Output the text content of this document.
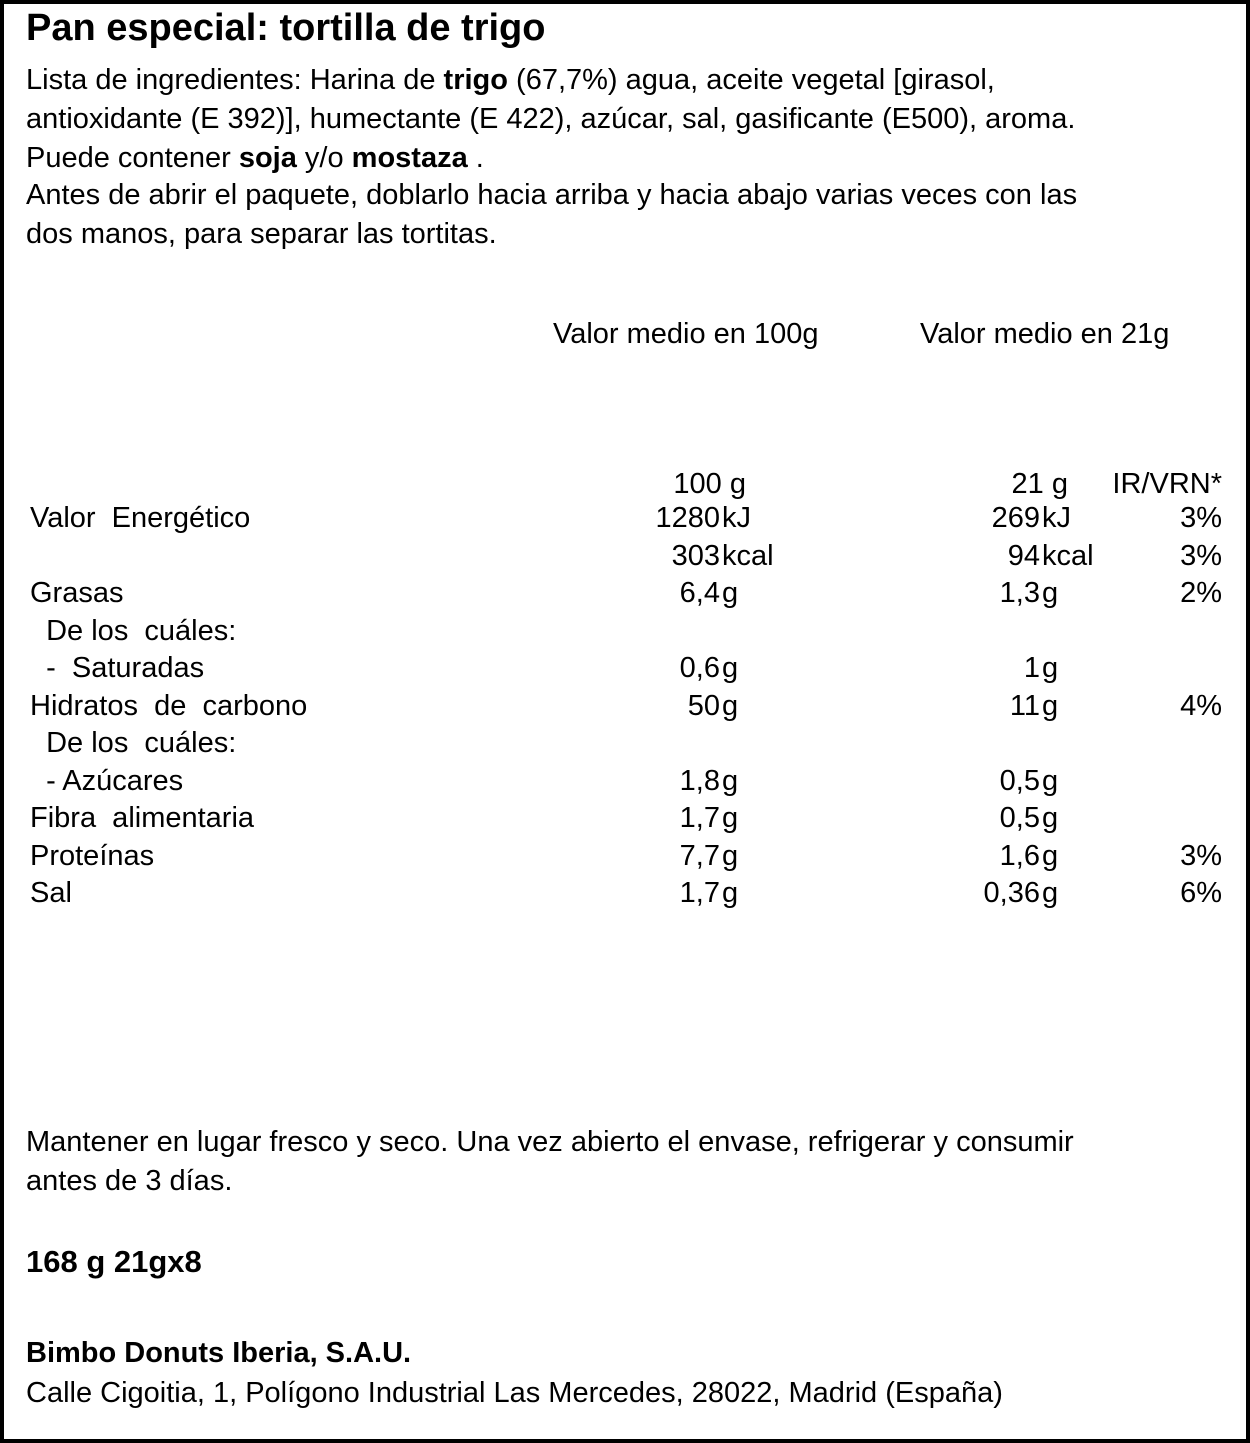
Pan especial: tortilla de trigo
Lista de ingredientes: Harina de trigo (67,7%) agua, aceite vegetal [girasol,
antioxidante (E 392)], humectante (E 422), azúcar, sal, gasificante (E500), aroma.
Puede contener soja y/o mostaza .
Antes de abrir el paquete, doblarlo hacia arriba y hacia abajo varias veces con las
dos manos, para separar las tortitas.
Valor medio en 100g	Valor medio en 21g
100 g	21 g	IR/VRN*
Valor  Energético	1280 kJ	269 kJ	3%
303 kcal	94 kcal	3%
Grasas	6,4 g	1,3 g	2%
De los  cuáles:
-  Saturadas	0,6 g	1 g
Hidratos  de  carbono	50 g	11 g	4%
De los  cuáles:
- Azúcares	1,8 g	0,5 g
Fibra  alimentaria	1,7 g	0,5 g
Proteínas	7,7 g	1,6 g	3%
Sal	1,7 g	0,36 g	6%
Mantener en lugar fresco y seco. Una vez abierto el envase, refrigerar y consumir
antes de 3 días.
168 g 21gx8
Bimbo Donuts Iberia, S.A.U.
Calle Cigoitia, 1, Polígono Industrial Las Mercedes, 28022, Madrid (España)
